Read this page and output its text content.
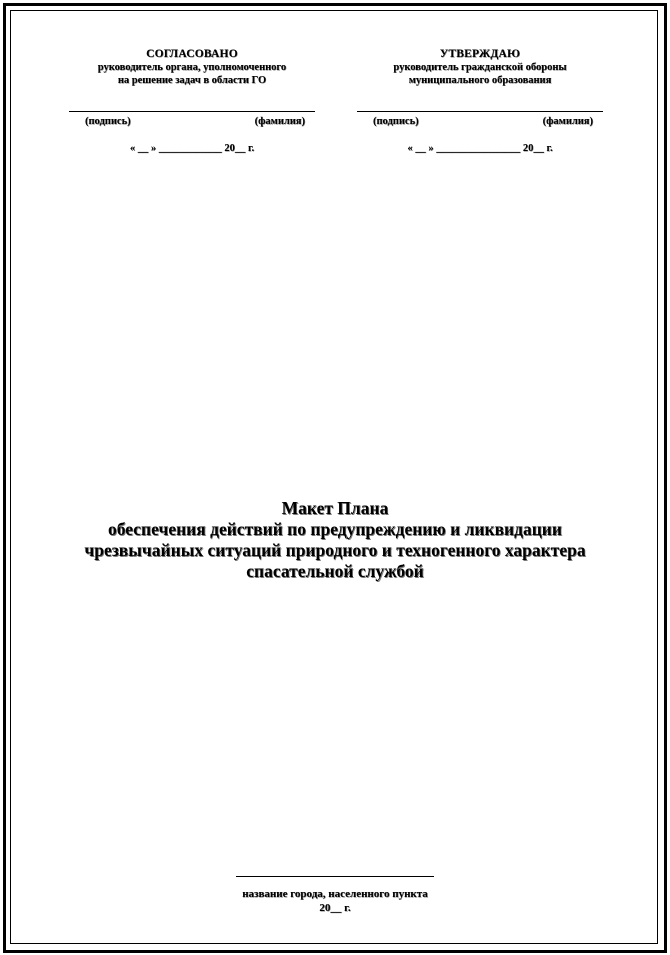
СОГЛАСОВАНО
руководитель органа, уполномоченного
на решение задач в области ГО
(подпись)	(фамилия)
« __ » ____________ 20__ г.
УТВЕРЖДАЮ
руководитель гражданской обороны
муниципального образования
(подпись)	(фамилия)
« __ » ________________ 20__ г.
Макет Плана
обеспечения действий по предупреждению и ликвидации
чрезвычайных ситуаций природного и техногенного характера
спасательной службой
название города, населенного пункта
20__ г.
